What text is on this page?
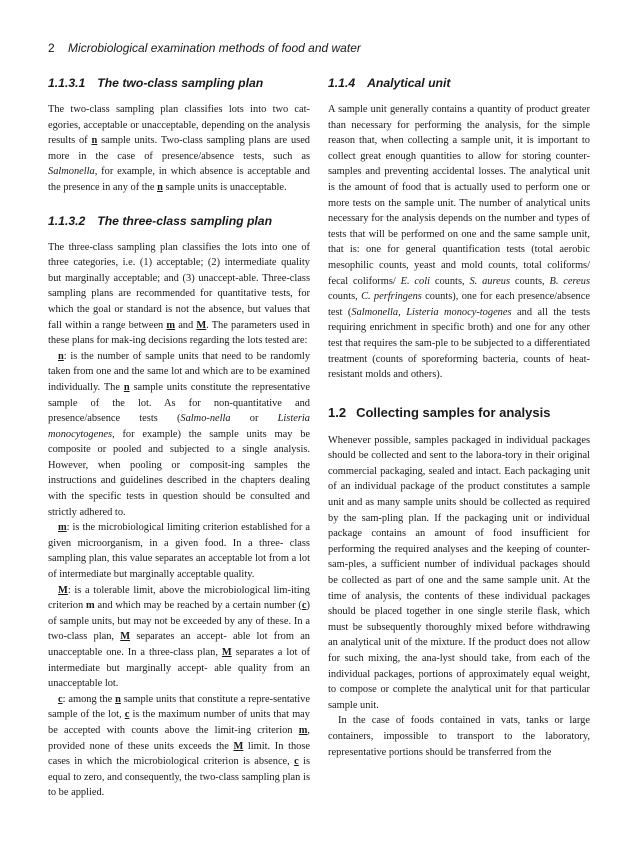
2 Microbiological examination methods of food and water
1.1.3.1 The two-class sampling plan

The two-class sampling plan classifies lots into two cat- egories, acceptable or unacceptable, depending on the analysis results of n sample units. Two-class sampling plans are used more in the case of presence/absence tests, such as Salmonella, for example, in which absence is acceptable and the presence in any of the n sample units is unacceptable.

1.1.3.2 The three-class sampling plan

The three-class sampling plan classifies the lots into one of three categories, i.e. (1) acceptable; (2) intermediate quality but marginally acceptable; and (3) unaccept-able. Three-class sampling plans are recommended for quantitative tests, for which the goal or standard is not the absence, but values that fall within a range between m and M. The parameters used in these plans for mak-ing decisions regarding the lots tested are:

n: is the number of sample units that need to be randomly taken from one and the same lot and which are to be examined individually. The n sample units constitute the representative sample of the lot. As for non-quantitative and presence/absence tests (Salmo-nella or Listeria monocytogenes, for example) the sample units may be composite or pooled and subjected to a single analysis. However, when pooling or composit-ing samples the instructions and guidelines described in the chapters dealing with the specific tests in question should be consulted and strictly adhered to.

m: is the microbiological limiting criterion established for a given microorganism, in a given food. In a three- class sampling plan, this value separates an acceptable lot from a lot of intermediate but marginally acceptable quality.

M: is a tolerable limit, above the microbiological lim-iting criterion m and which may be reached by a certain number (c) of sample units, but may not be exceeded by any of these. In a two-class plan, M separates an accept- able lot from an unacceptable one. In a three-class plan, M separates a lot of intermediate but marginally accept- able quality from an unacceptable lot.

c: among the n sample units that constitute a repre-sentative sample of the lot, c is the maximum number of units that may be accepted with counts above the limit-ing criterion m, provided none of these units exceeds the M limit. In those cases in which the microbiological criterion is absence, c is equal to zero, and consequently, the two-class sampling plan is to be applied.

1.1.4 Analytical unit

A sample unit generally contains a quantity of product greater than necessary for performing the analysis, for the simple reason that, when collecting a sample unit, it is important to collect great enough quantities to allow for storing counter-samples and preventing accidental losses. The analytical unit is the amount of food that is actually used to perform one or more tests on the sample unit. The number of analytical units necessary for the analysis depends on the number and types of tests that will be performed on one and the same sample unit, that is: one for general quantification tests (total aerobic mesophilic counts, yeast and mold counts, total coliforms/ fecal coliforms/ E. coli counts, S. aureus counts, B. cereus counts, C. perfringens counts), one for each presence/absence test (Salmonella, Listeria monocy-togenes and all the tests requiring enrichment in specific broth) and one for any other test that requires the sam-ple to be subjected to a differentiated treatment (counts of sporeforming bacteria, counts of heat-resistant molds and others).

1.2 Collecting samples for analysis

Whenever possible, samples packaged in individual packages should be collected and sent to the labora-tory in their original commercial packaging, sealed and intact. Each packaging unit of an individual package of the product constitutes a sample unit and as many sample units should be collected as required by the sam-pling plan. If the packaging unit or individual package contains an amount of food insufficient for performing the required analyses and the keeping of counter-sam-ples, a sufficient number of individual packages should be collected as part of one and the same sample unit. At the time of analysis, the contents of these individual packages should be placed together in one single sterile flask, which must be subsequently thoroughly mixed before withdrawing an analytical unit of the mixture. If the product does not allow for such mixing, the ana-lyst should take, from each of the individual packages, portions of approximately equal weight, to compose or complete the analytical unit for that particular sample unit.

In the case of foods contained in vats, tanks or large containers, impossible to transport to the laboratory, representative portions should be transferred from the
